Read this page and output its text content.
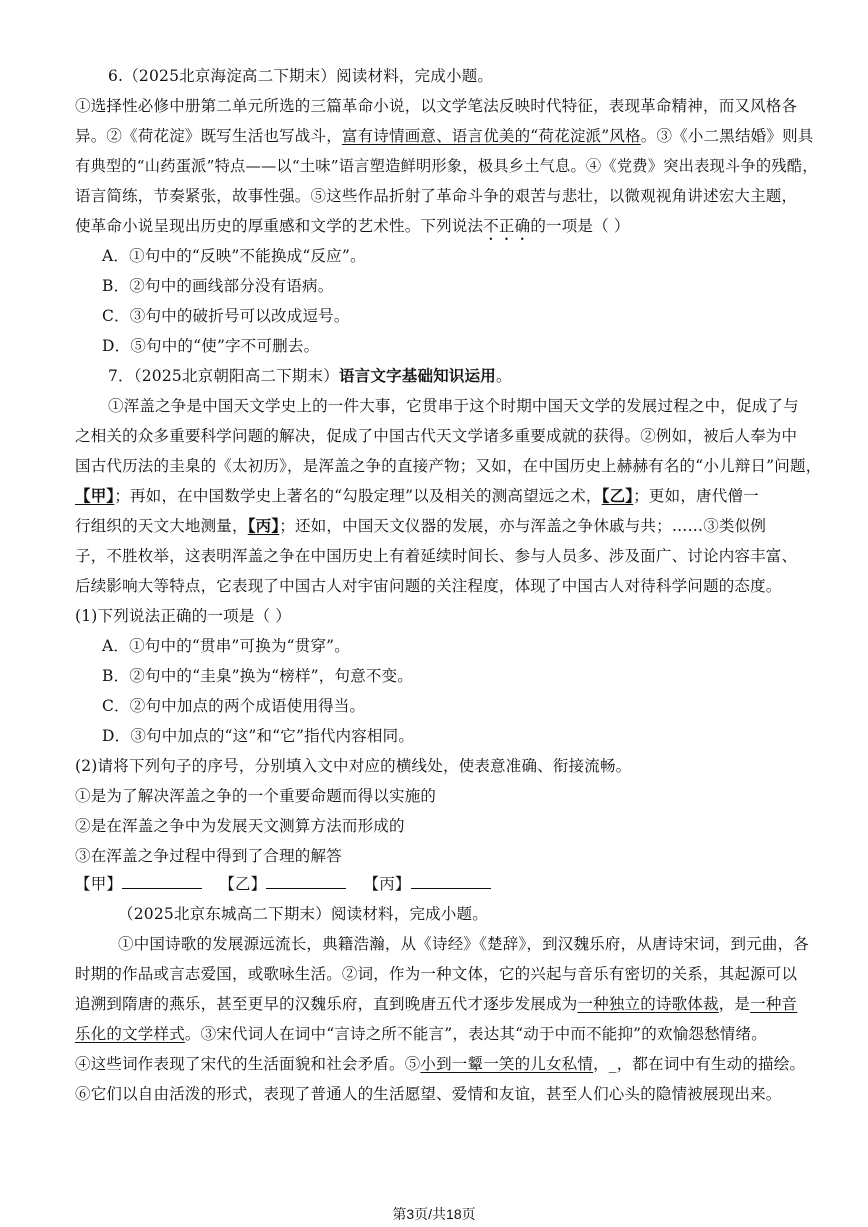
6.（2025北京海淀高二下期末）阅读材料，完成小题。
①选择性必修中册第二单元所选的三篇革命小说，以文学笔法反映时代特征，表现革命精神，而又风格各
异。②《荷花淀》既写生活也写战斗，富有诗情画意、语言优美的“荷花淀派”风格。③《小二黑结婚》则具
有典型的“山药蛋派”特点——以“土味”语言塑造鲜明形象，极具乡土气息。④《党费》突出表现斗争的残酷，
语言简练，节奏紧张，故事性强。⑤这些作品折射了革命斗争的艰苦与悲壮，以微观视角讲述宏大主题，
使革命小说呈现出历史的厚重感和文学的艺术性。下列说法不正确的一项是（ ）
A．①句中的“反映”不能换成“反应”。
B．②句中的画线部分没有语病。
C．③句中的破折号可以改成逗号。
D．⑤句中的“使”字不可删去。
7．（2025北京朝阳高二下期末）语言文字基础知识运用。
①浑盖之争是中国天文学史上的一件大事，它贯串于这个时期中国天文学的发展过程之中，促成了与
之相关的众多重要科学问题的解决，促成了中国古代天文学诸多重要成就的获得。②例如，被后人奉为中
国古代历法的圭臬的《太初历》，是浑盖之争的直接产物；又如，在中国历史上赫赫有名的“小儿辩日”问题，
【甲】；再如，在中国数学史上著名的“勾股定理”以及相关的测高望远之术，【乙】；更如，唐代僧一
行组织的天文大地测量，【丙】；还如，中国天文仪器的发展，亦与浑盖之争休戚与共；……③类似例
子，不胜枚举，这表明浑盖之争在中国历史上有着延续时间长、参与人员多、涉及面广、讨论内容丰富、
后续影响大等特点，它表现了中国古人对宇宙问题的关注程度，体现了中国古人对待科学问题的态度。
(1)下列说法正确的一项是（ ）
A．①句中的“贯串”可换为“贯穿”。
B．②句中的“圭臬”换为“榜样”，句意不变。
C．②句中加点的两个成语使用得当。
D．③句中加点的“这”和“它”指代内容相同。
(2)请将下列句子的序号，分别填入文中对应的横线处，使表意准确、衔接流畅。
①是为了解决浑盖之争的一个重要命题而得以实施的
②是在浑盖之争中为发展天文测算方法而形成的
③在浑盖之争过程中得到了合理的解答
【甲】	【乙】	【丙】
（2025北京东城高二下期末）阅读材料，完成小题。
①中国诗歌的发展源远流长，典籍浩瀚，从《诗经》《楚辞》，到汉魏乐府，从唐诗宋词，到元曲，各
时期的作品或言志爱国，或歌咏生活。②词，作为一种文体，它的兴起与音乐有密切的关系，其起源可以
追溯到隋唐的燕乐，甚至更早的汉魏乐府，直到晚唐五代才逐步发展成为一种独立的诗歌体裁，是一种音
乐化的文学样式。③宋代词人在词中“言诗之所不能言”，表达其“动于中而不能抑”的欢愉怨愁情绪。
④这些词作表现了宋代的生活面貌和社会矛盾。⑤小到一颦一笑的儿女私情，_，都在词中有生动的描绘。
⑥它们以自由活泼的形式，表现了普通人的生活愿望、爱情和友谊，甚至人们心头的隐情被展现出来。
第3页/共18页
